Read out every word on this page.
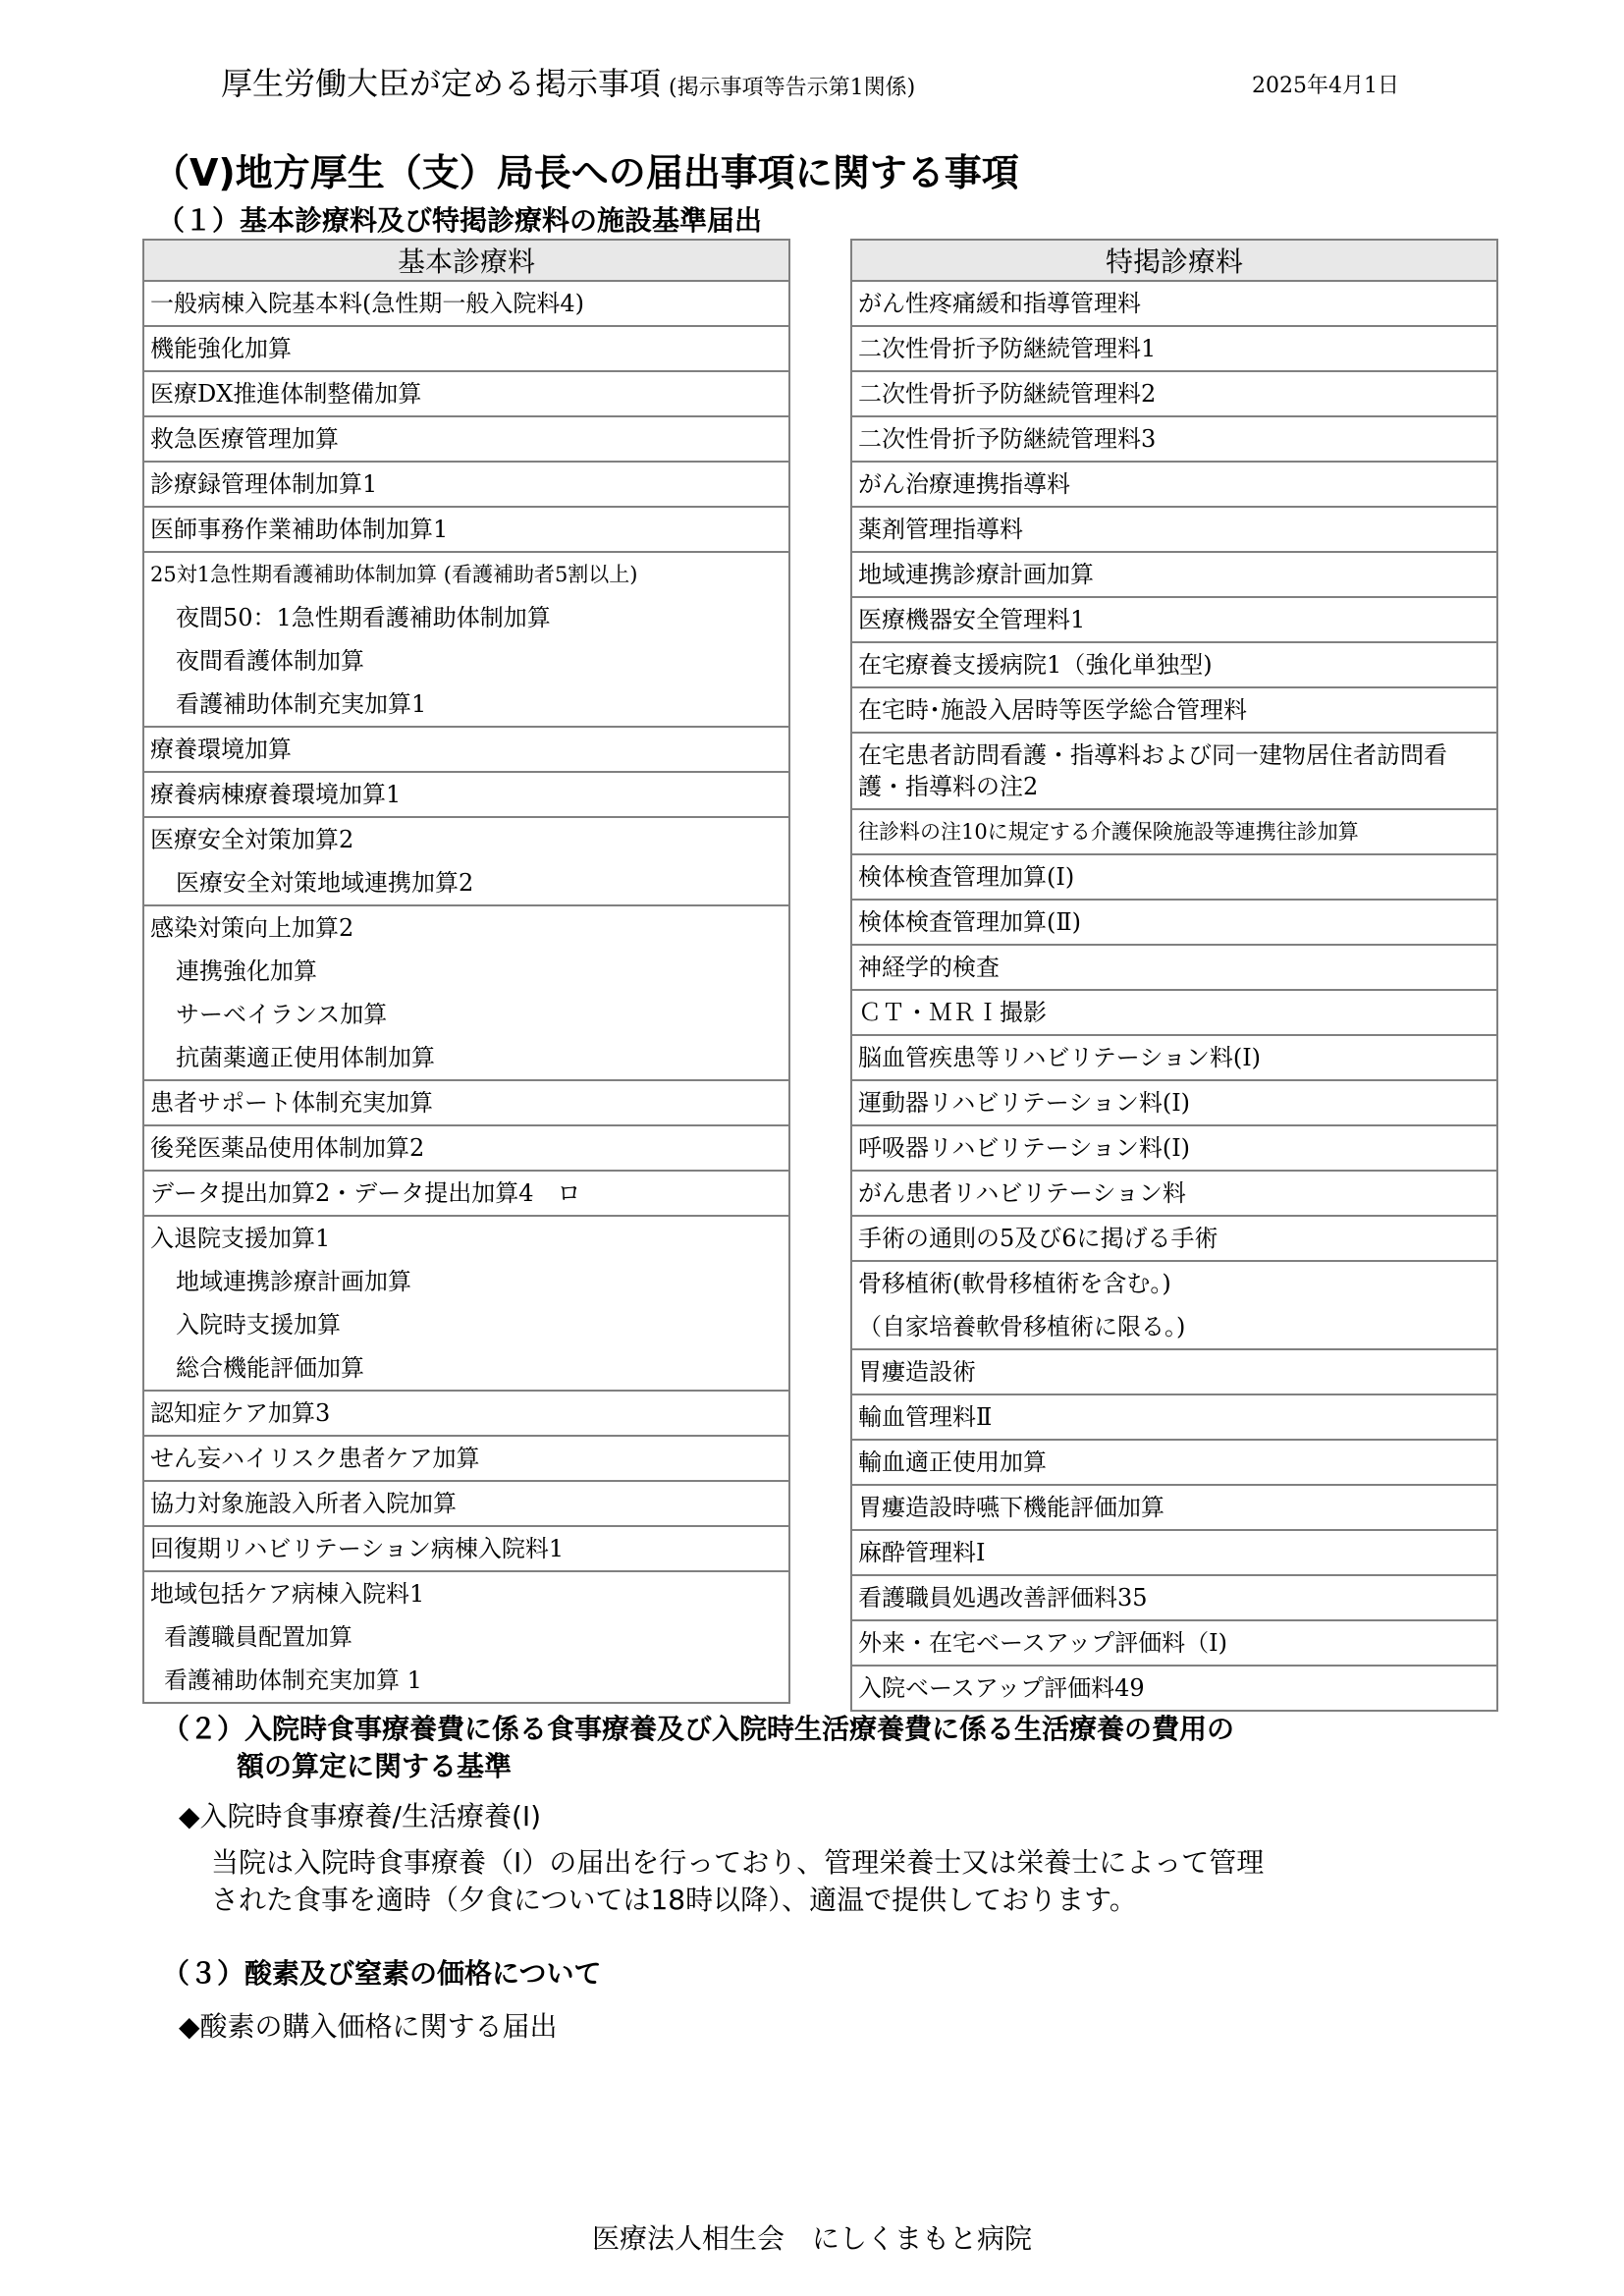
厚生労働大臣が定める掲示事項 (掲示事項等告示第1関係)	2025年4月1日
（Ⅴ)地方厚生（支）局長への届出事項に関する事項
（１）基本診療料及び特掲診療料の施設基準届出
基本診療料
一般病棟入院基本料(急性期一般入院料4)
機能強化加算
医療DX推進体制整備加算
救急医療管理加算
診療録管理体制加算1
医師事務作業補助体制加算1
25対1急性期看護補助体制加算 (看護補助者5割以上)
夜間50：1急性期看護補助体制加算
夜間看護体制加算
看護補助体制充実加算1
療養環境加算
療養病棟療養環境加算1
医療安全対策加算2
医療安全対策地域連携加算2
感染対策向上加算2
連携強化加算
サーベイランス加算
抗菌薬適正使用体制加算
患者サポート体制充実加算
後発医薬品使用体制加算2
データ提出加算2・データ提出加算4　ロ
入退院支援加算1
地域連携診療計画加算
入院時支援加算
総合機能評価加算
認知症ケア加算3
せん妄ハイリスク患者ケア加算
協力対象施設入所者入院加算
回復期リハビリテーション病棟入院料1
地域包括ケア病棟入院料1
看護職員配置加算
看護補助体制充実加算 1
特掲診療料
がん性疼痛緩和指導管理料
二次性骨折予防継続管理料1
二次性骨折予防継続管理料2
二次性骨折予防継続管理料3
がん治療連携指導料
薬剤管理指導料
地域連携診療計画加算
医療機器安全管理料1
在宅療養支援病院1（強化単独型)
在宅時･施設入居時等医学総合管理料
在宅患者訪問看護・指導料および同一建物居住者訪問看護・指導料の注2
往診料の注10に規定する介護保険施設等連携往診加算
検体検査管理加算(Ⅰ)
検体検査管理加算(Ⅱ)
神経学的検査
ＣＴ・ＭＲＩ撮影
脳血管疾患等リハビリテーション料(Ⅰ)
運動器リハビリテーション料(Ⅰ)
呼吸器リハビリテーション料(Ⅰ)
がん患者リハビリテーション料
手術の通則の5及び6に掲げる手術
骨移植術(軟骨移植術を含む。)
（自家培養軟骨移植術に限る。)
胃瘻造設術
輸血管理料Ⅱ
輸血適正使用加算
胃瘻造設時嚥下機能評価加算
麻酔管理料Ⅰ
看護職員処遇改善評価料35
外来・在宅ベースアップ評価料（Ⅰ)
入院ベースアップ評価料49
（２）入院時食事療養費に係る食事療養及び入院時生活療養費に係る生活療養の費用の
額の算定に関する基準
◆入院時食事療養/生活療養(Ⅰ)
当院は入院時食事療養（Ⅰ）の届出を行っており、管理栄養士又は栄養士によって管理
された食事を適時（夕食については18時以降）、適温で提供しております。
（３）酸素及び窒素の価格について
◆酸素の購入価格に関する届出
医療法人相生会　にしくまもと病院
